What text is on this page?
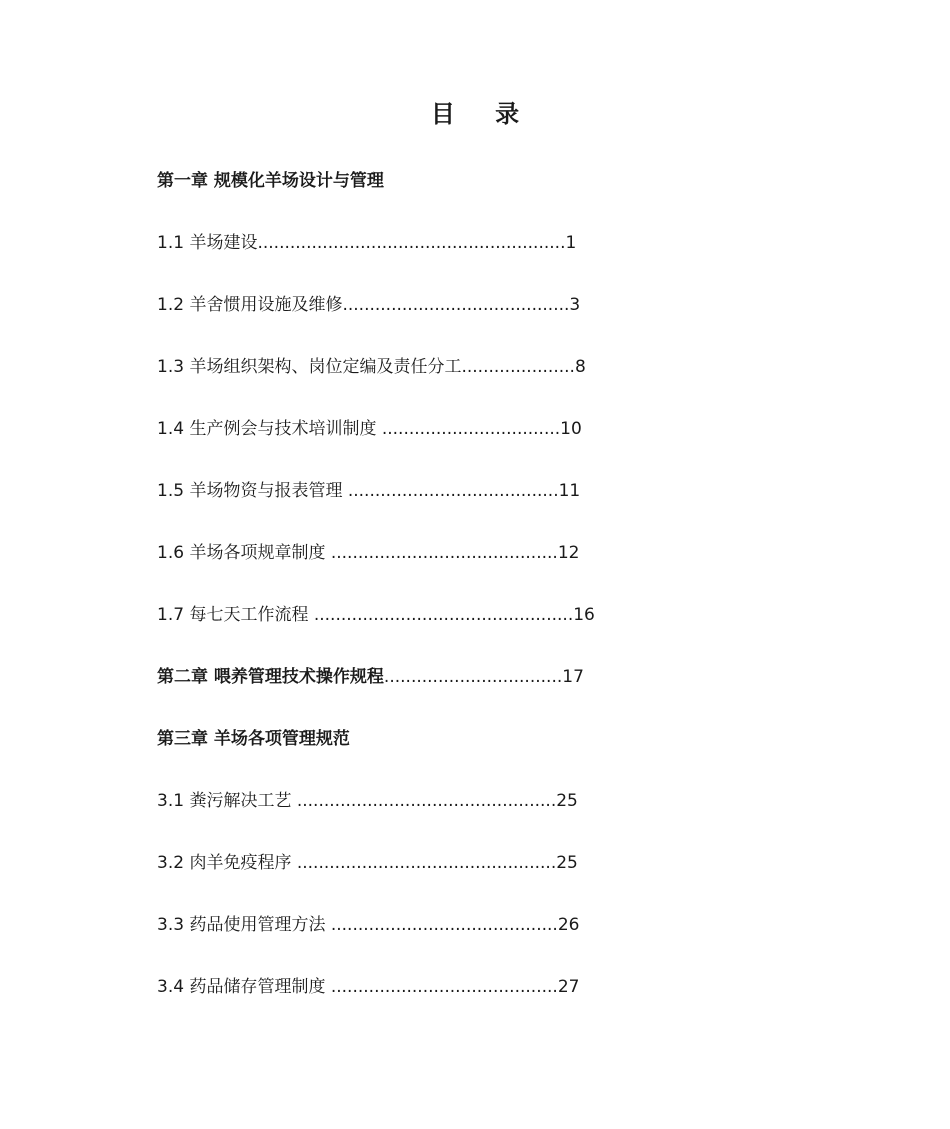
目 录
第一章 规模化羊场设计与管理
1.1 羊场建设.........................................................1
1.2 羊舍惯用设施及维修..........................................3
1.3 羊场组织架构、岗位定编及责任分工.....................8
1.4 生产例会与技术培训制度 .................................10
1.5 羊场物资与报表管理 .......................................11
1.6 羊场各项规章制度 ..........................................12
1.7 每七天工作流程 ................................................16
第二章 喂养管理技术操作规程.................................17
第三章 羊场各项管理规范
3.1 粪污解决工艺 ................................................25
3.2 肉羊免疫程序 ................................................25
3.3 药品使用管理方法 ..........................................26
3.4 药品储存管理制度 ..........................................27
